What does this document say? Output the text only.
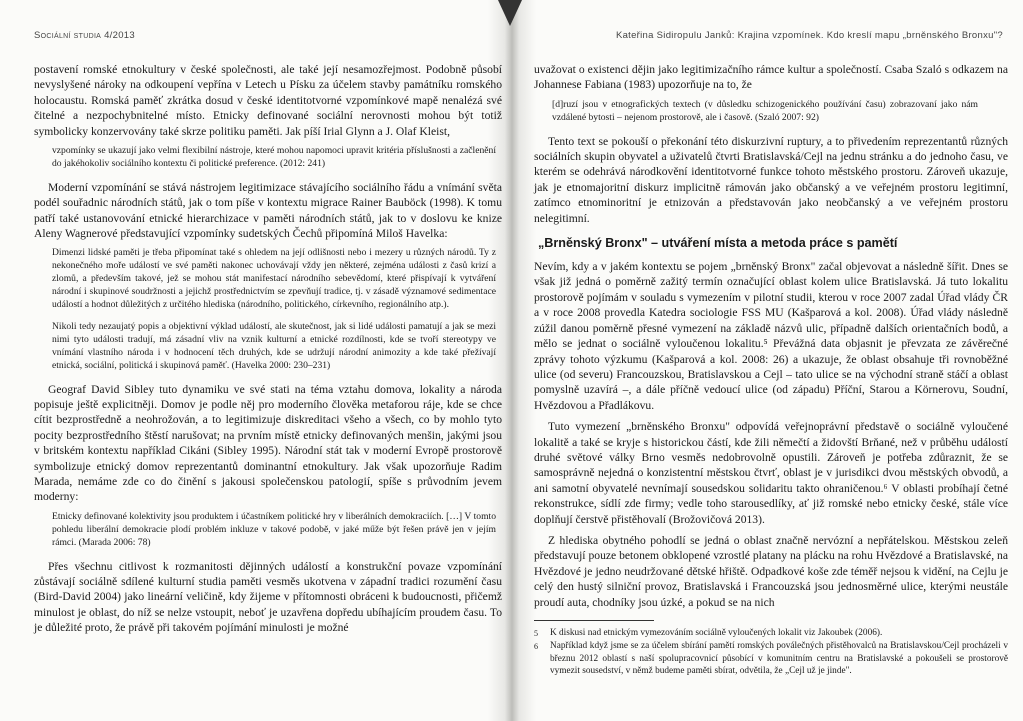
Sociální studia 4/2013

postavení romské etnokultury v české společnosti, ale také její nesamozřejmost. Podobně působí nevyslyšené nároky na odkoupení vepřína v Letech u Písku za účelem stavby památníku romského holocaustu. Romská paměť zkrátka dosud v české identitotvorné vzpomínkové mapě nenalézá své čitelné a nezpochybnitelné místo. Etnicky definované sociální nerovnosti mohou být totiž symbolicky konzervovány také skrze politiku paměti. Jak píší Irial Glynn a J. Olaf Kleist,

vzpomínky se ukazují jako velmi flexibilní nástroje, které mohou napomoci upravit kritéria příslušnosti a začlenění do jakéhokoliv sociálního kontextu či politické preference. (2012: 241)

Moderní vzpomínání se stává nástrojem legitimizace stávajícího sociálního řádu a vnímání světa podél souřadnic národních států, jak o tom píše v kontextu migrace Rainer Bauböck (1998). K tomu patří také ustanovování etnické hierarchizace v paměti národních států, jak to v doslovu ke knize Aleny Wagnerové představující vzpomínky sudetských Čechů připomíná Miloš Havelka:

Dimenzi lidské paměti je třeba připomínat také s ohledem na její odlišnosti nebo i mezery u různých národů. Ty z nekonečného moře událostí ve své paměti nakonec uchovávají vždy jen některé, zejména události z časů krizí a zlomů, a především takové, jež se mohou stát manifestací národního sebevědomí, které přispívají k vytváření národní i skupinové soudržnosti a jejichž prostřednictvím se zpevňují tradice, tj. v zásadě významové sedimentace událostí a hodnot důležitých z určitého hlediska (národního, politického, církevního, regionálního atp.).
Nikoli tedy nezaujatý popis a objektivní výklad událostí, ale skutečnost, jak si lidé události pamatují a jak se mezi nimi tyto události tradují, má zásadní vliv na vznik kulturní a etnické rozdílnosti, kde se tvoří stereotypy ve vnímání vlastního národa i v hodnocení těch druhých, kde se udržují národní animozity a kde také přežívají etnická, sociální, politická i skupinová paměť. (Havelka 2000: 230–231)

Geograf David Sibley tuto dynamiku ve své stati na téma vztahu domova, lokality a národa popisuje ještě explicitněji. Domov je podle něj pro moderního člověka metaforou ráje, kde se chce cítit bezprostředně a neohrožován, a to legitimizuje diskreditaci všeho a všech, co by mohlo tyto pocity bezprostředního štěstí narušovat; na prvním místě etnicky definovaných menšin, jakými jsou v britském kontextu například Cikáni (Sibley 1995). Národní stát tak v moderní Evropě prostorově symbolizuje etnický domov reprezentantů dominantní etnokultury. Jak však upozorňuje Radim Marada, nemáme zde co do činění s jakousi společenskou patologií, spíše s průvodním jevem moderny:

Etnicky definované kolektivity jsou produktem i účastníkem politické hry v liberálních demokraciích. […] V tomto pohledu liberální demokracie plodí problém inkluze v takové podobě, v jaké műže být řešen právě jen v jejím rámci. (Marada 2006: 78)

Přes všechnu citlivost k rozmanitosti dějinných událostí a konstrukční povaze vzpomínání zůstávají sociálně sdílené kulturní studia paměti vesměs ukotvena v západní tradici rozumění času (Bird-David 2004) jako lineární veličině, kdy žijeme v přítomnosti obráceni k budoucnosti, přičemž minulost je oblast, do níž se nelze vstoupit, neboť je uzavřena dopředu ubíhajícím proudem času. To je důležité proto, že právě při takovém pojímání minulosti je možné

Kateřina Sidiropulu Janků: Krajina vzpomínek. Kdo kreslí mapu „brněnského Bronxu"?

uvažovat o existenci dějin jako legitimizačního rámce kultur a společností. Csaba Szaló s odkazem na Johannese Fabiana (1983) upozorňuje na to, že

[d]ruzí jsou v etnografických textech (v důsledku schizogenického používání času) zobrazovaní jako nám vzdálené bytosti – nejenom prostorově, ale i časově. (Szaló 2007: 92)

Tento text se pokouší o překonání této diskurzivní ruptury, a to přivedením reprezentantů různých sociálních skupin obyvatel a uživatelů čtvrti Bratislavská/Cejl na jednu stránku a do jednoho času, ve kterém se odehrává národkovění identitotvorné funkce tohoto městského prostoru. Zároveň ukazuje, jak je etnomajoritní diskurz implicitně rámován jako občanský a ve veřejném prostoru legitimní, zatímco etnominoritní je etnizován a představován jako neobčanský a ve veřejném prostoru nelegitimní.

„Brněnský Bronx" – utváření místa a metoda práce s pamětí

Nevím, kdy a v jakém kontextu se pojem „brněnský Bronx" začal objevovat a následně šířit. Dnes se však již jedná o poměrně zažitý termín označující oblast kolem ulice Bratislavská. Já tuto lokalitu prostorově pojímám v souladu s vymezením v pilotní studii, kterou v roce 2007 zadal Úřad vlády ČR a v roce 2008 provedla Katedra sociologie FSS MU (Kašparová a kol. 2008). Úřad vlády následně zúžil danou poměrně přesné vymezení na základě názvů ulic, případně dalších orientačních bodů, a mělo se jednat o sociálně vyloučenou lokalitu.⁵ Převážná data objasnit je převzata ze závěrečné zprávy tohoto výzkumu (Kašparová a kol. 2008: 26) a ukazuje, že oblast obsahuje tři rovnoběžné ulice (od severu) Francouzskou, Bratislavskou a Cejl – tato ulice se na východní straně stáčí a oblast pomyslně uzavírá –, a dále příčně vedoucí ulice (od západu) Příční, Starou a Körnerovu, Soudní, Hvězdovou a Přadlákovu.

Tuto vymezení „brněnského Bronxu" odpovídá veřejnoprávní představě o sociálně vyloučené lokalitě a také se kryje s historickou částí, kde žili němečtí a židovští Brňané, než v průběhu událostí druhé světové války Brno vesměs nedobrovolně opustili. Zároveň je potřeba zdůraznit, že se samosprávně nejedná o konzistentní městskou čtvrť, oblast je v jurisdikci dvou městských obvodů, a ani samotní obyvatelé nevnímají sousedskou solidaritu takto ohraničenou.⁶ V oblasti probíhají četné rekonstrukce, sídlí zde firmy; vedle toho starousedlíky, ať již romské nebo etnicky české, stále více doplňují čerstvě přistěhovalí (Brožovičová 2013).

Z hlediska obytného pohodlí se jedná o oblast značně nervózní a nepřátelskou. Městskou zeleň představují pouze betonem obklopené vzrostlé platany na plácku na rohu Hvězdové a Bratislavské, na Hvězdové je jedno neudržované dětské hřiště. Odpadkové koše zde téměř nejsou k vidění, na Cejlu je celý den hustý silniční provoz, Bratislavská i Francouzská jsou jednosměrné ulice, kterými neustále proudí auta, chodníky jsou úzké, a pokud se na nich

5	K diskusi nad etnickým vymezováním sociálně vyloučených lokalit viz Jakoubek (2006).
6	Například když jsme se za účelem sbírání pamětí romských poválečných přistěhovalců na Bratislavskou/Cejl procházeli v březnu 2012 oblastí s naší spolupracovnicí působící v komunitním centru na Bratislavské a pokoušeli se prostorově vymezit sousedství, v němž budeme paměti sbírat, odvětila, že „Cejl už je jinde".
